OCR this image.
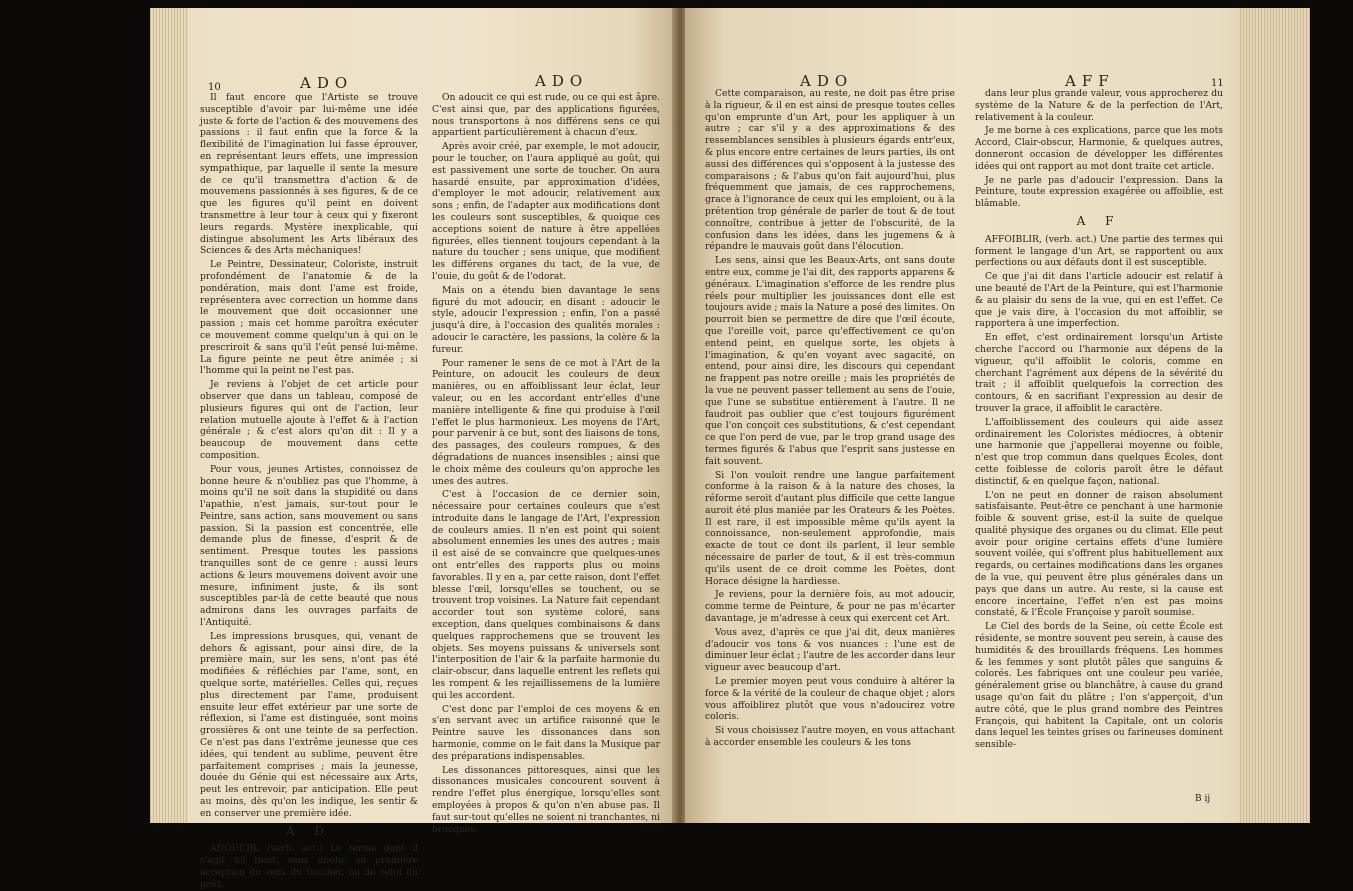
10	ADO	ADO

Il faut encore que l'Artiste se trouve susceptible d'avoir par lui-même une idée juste & forte de l'action & des mouvemens des passions : il faut enfin que la force & la flexibilité de l'imagination lui fasse éprouver, en représentant leurs effets, une impression sympathique, par laquelle il sente la mesure de ce qu'il transmettra d'action & de mouvemens passionnés à ses figures, & de ce que les figures qu'il peint en doivent transmettre à leur tour à ceux qui y fixeront leurs regards. Mystère inexplicable, qui distingue absolument les Arts libéraux des Sciences & des Arts méchaniques!

Le Peintre, Dessinateur, Coloriste, instruit profondément de l'anatomie & de la pondération, mais dont l'ame est froide, représentera avec correction un homme dans le mouvement que doit occasionner une passion ; mais cet homme paroîtra exécuter ce mouvement comme quelqu'un à qui on le prescriroit & sans qu'il l'eût pensé lui-même. La figure peinte ne peut être animée ; si l'homme qui la peint ne l'est pas.

Je reviens à l'objet de cet article pour observer que dans un tableau, composé de plusieurs figures qui ont de l'action, leur relation mutuelle ajoute à l'effet & à l'action générale ; & c'est alors qu'on dit : Il y a beaucoup de mouvement dans cette composition.

Pour vous, jeunes Artistes, connoissez de bonne heure & n'oubliez pas que l'homme, à moins qu'il ne soit dans la stupidité ou dans l'apathie, n'est jamais, sur-tout pour le Peintre, sans action, sans mouvement ou sans passion. Si la passion est concentrée, elle demande plus de finesse, d'esprit & de sentiment. Presque toutes les passions tranquilles sont de ce genre : aussi leurs actions & leurs mouvemens doivent avoir une mesure, infiniment juste, & ils sont susceptibles par-là de cette beauté que nous admirons dans les ouvrages parfaits de l'Antiquité.

Les impressions brusques, qui, venant de dehors & agissant, pour ainsi dire, de la première main, sur les sens, n'ont pas été modifiées & réfléchies par l'ame, sont, en quelque sorte, matérielles. Celles qui, reçues plus directement par l'ame, produisent ensuite leur effet extérieur par une sorte de réflexion, si l'ame est distinguée, sont moins grossières & ont une teinte de sa perfection. Ce n'est pas dans l'extrême jeunesse que ces idées, qui tendent au sublime, peuvent être parfaitement comprises ; mais la jeunesse, douée du Génie qui est nécessaire aux Arts, peut les entrevoir, par anticipation. Elle peut au moins, dès qu'on les indique, les sentir & en conserver une première idée.

A D

ADOUCIR, (verb. act.) Le terme dont il s'agit ici tient, sans doute, sa première acception du sens du toucher, ou de celui du goût.

On adoucit ce qui est rude, ou ce qui est âpre. C'est ainsi que, par des applications figurées, nous transportons à nos différens sens ce qui appartient particulièrement à chacun d'eux.

Après avoir créé, par exemple, le mot adoucir, pour le toucher, on l'aura appliqué au goût, qui est passivement une sorte de toucher. On aura hasardé ensuite, par approximation d'idées, d'employer le mot adoucir, relativement aux sons ; enfin, de l'adapter aux modifications dont les couleurs sont susceptibles, & quoique ces acceptions soient de nature à être appellées figurées, elles tiennent toujours cependant à la nature du toucher ; sens unique, que modifient les différens organes du tact, de la vue, de l'ouie, du goût & de l'odorat.

Mais on a étendu bien davantage le sens figuré du mot adoucir, en disant : adoucir le style, adoucir l'expression ; enfin, l'on a passé jusqu'à dire, à l'occasion des qualités morales : adoucir le caractère, les passions, la colère & la fureur.

Pour ramener le sens de ce mot à l'Art de la Peinture, on adoucit les couleurs de deux manières, ou en affoiblissant leur éclat, leur valeur, ou en les accordant entr'elles d'une manière intelligente & fine qui produise à l'œil l'effet le plus harmonieux. Les moyens de l'Art, pour parvenir à ce but, sont des liaisons de tons, des passages, des couleurs rompues, & des dégradations de nuances insensibles ; ainsi que le choix même des couleurs qu'on approche les unes des autres.

C'est à l'occasion de ce dernier soin, nécessaire pour certaines couleurs que s'est introduite dans le langage de l'Art, l'expression de couleurs amies. Il n'en est point qui soient absolument ennemies les unes des autres ; mais il est aisé de se convaincre que quelques-unes ont entr'elles des rapports plus ou moins favorables. Il y en a, par cette raison, dont l'effet blesse l'œil, lorsqu'elles se touchent, ou se trouvent trop voisines. La Nature fait cependant accorder tout son système coloré, sans exception, dans quelques combinaisons & dans quelques rapprochemens que se trouvent les objets. Ses moyens puissans & universels sont l'interposition de l'air & la parfaite harmonie du clair-obscur, dans laquelle entrent les reflets qui les rompent & les rejaillissemens de la lumière qui les accordent.

C'est donc par l'emploi de ces moyens & en s'en servant avec un artifice raisonné que le Peintre sauve les dissonances dans son harmonie, comme on le fait dans la Musique par des préparations indispensables.

Les dissonances pittoresques, ainsi que les dissonances musicales concourent souvent à rendre l'effet plus énergique, lorsqu'elles sont employées à propos & qu'on n'en abuse pas. Il faut sur-tout qu'elles ne soient ni tranchantes, ni brusques.

ADO	AFF	11

Cette comparaison, au reste, ne doit pas être prise à la rigueur, & il en est ainsi de presque toutes celles qu'on emprunte d'un Art, pour les appliquer à un autre ; car s'il y a des approximations & des ressemblances sensibles à plusieurs égards entr'eux, & plus encore entre certaines de leurs parties, ils ont aussi des différences qui s'opposent à la justesse des comparaisons ; & l'abus qu'on fait aujourd'hui, plus fréquemment que jamais, de ces rapprochemens, grace à l'ignorance de ceux qui les emploient, ou à la prétention trop générale de parler de tout & de tout connoître, contribue à jetter de l'obscurité, de la confusion dans les idées, dans les jugemens & à répandre le mauvais goût dans l'élocution.

Les sens, ainsi que les Beaux-Arts, ont sans doute entre eux, comme je l'ai dit, des rapports apparens & généraux. L'imagination s'efforce de les rendre plus réels pour multiplier les jouissances dont elle est toujours avide ; mais la Nature a posé des limites. On pourroit bien se permettre de dire que l'œil écoute, que l'oreille voit, parce qu'effectivement ce qu'on entend peint, en quelque sorte, les objets à l'imagination, & qu'en voyant avec sagacité, on entend, pour ainsi dire, les discours qui cependant ne frappent pas notre oreille ; mais les propriétés de la vue ne peuvent passer tellement au sens de l'ouie, que l'une se substitue entièrement à l'autre. Il ne faudroit pas oublier que c'est toujours figurément que l'on conçoit ces substitutions, & c'est cependant ce que l'on perd de vue, par le trop grand usage des termes figurés & l'abus que l'esprit sans justesse en fait souvent.

Si l'on vouloit rendre une langue parfaitement conforme à la raison & à la nature des choses, la réforme seroit d'autant plus difficile que cette langue auroit été plus maniée par les Orateurs & les Poètes. Il est rare, il est impossible même qu'ils ayent la connoissance, non-seulement approfondie, mais exacte de tout ce dont ils parlent, il leur semble nécessaire de parler de tout, & il est très-commun qu'ils usent de ce droit comme les Poètes, dont Horace désigne la hardiesse.

Je reviens, pour la dernière fois, au mot adoucir, comme terme de Peinture, & pour ne pas m'écarter davantage, je m'adresse à ceux qui exercent cet Art.

Vous avez, d'après ce que j'ai dit, deux manières d'adoucir vos tons & vos nuances : l'une est de diminuer leur éclat ; l'autre de les accorder dans leur vigueur avec beaucoup d'art.

Le premier moyen peut vous conduire à altérer la force & la vérité de la couleur de chaque objet ; alors vous affoiblirez plutôt que vous n'adoucirez votre coloris.

Si vous choisissez l'autre moyen, en vous attachant à accorder ensemble les couleurs & les tons

dans leur plus grande valeur, vous approcherez du système de la Nature & de la perfection de l'Art, relativement à la couleur.

Je me borne à ces explications, parce que les mots Accord, Clair-obscur, Harmonie, & quelques autres, donneront occasion de développer les différentes idées qui ont rapport au mot dont traite cet article.

Je ne parle pas d'adoucir l'expression. Dans la Peinture, toute expression exagérée ou affoiblie, est blâmable.

A F

AFFOIBLIR, (verb. act.) Une partie des termes qui forment le langage d'un Art, se rapportent ou aux perfections ou aux défauts dont il est susceptible.

Ce que j'ai dit dans l'article adoucir est relatif à une beauté de l'Art de la Peinture, qui est l'harmonie & au plaisir du sens de la vue, qui en est l'effet. Ce que je vais dire, à l'occasion du mot affoiblir, se rapportera à une imperfection.

En effet, c'est ordinairement lorsqu'un Artiste cherche l'accord ou l'harmonie aux dépens de la vigueur, qu'il affoiblit le coloris, comme en cherchant l'agrément aux dépens de la sévérité du trait ; il affoiblit quelquefois la correction des contours, & en sacrifiant l'expression au desir de trouver la grace, il affoiblit le caractère.

L'affoiblissement des couleurs qui aide assez ordinairement les Coloristes médiocres, à obtenir une harmonie que j'appellerai moyenne ou foible, n'est que trop commun dans quelques Écoles, dont cette foiblesse de coloris paroît être le défaut distinctif, & en quelque façon, national.

L'on ne peut en donner de raison absolument satisfaisante. Peut-être ce penchant à une harmonie foible & souvent grise, est-il la suite de quelque qualité physique des organes ou du climat. Elle peut avoir pour origine certains effets d'une lumière souvent voilée, qui s'offrent plus habituellement aux regards, ou certaines modifications dans les organes de la vue, qui peuvent être plus générales dans un pays que dans un autre. Au reste, si la cause est encore incertaine, l'effet n'en est pas moins constaté, & l'École Françoise y paroît soumise.

Le Ciel des bords de la Seine, où cette École est résidente, se montre souvent peu serein, à cause des humidités & des brouillards fréquens. Les hommes & les femmes y sont plutôt pâles que sanguins & colorés. Les fabriques ont une couleur peu variée, généralement grise ou blanchâtre, à cause du grand usage qu'on fait du plâtre ; l'on s'apperçoit, d'un autre côté, que le plus grand nombre des Peintres François, qui habitent la Capitale, ont un coloris dans lequel les teintes grises ou farineuses dominent sensible-

B ij
